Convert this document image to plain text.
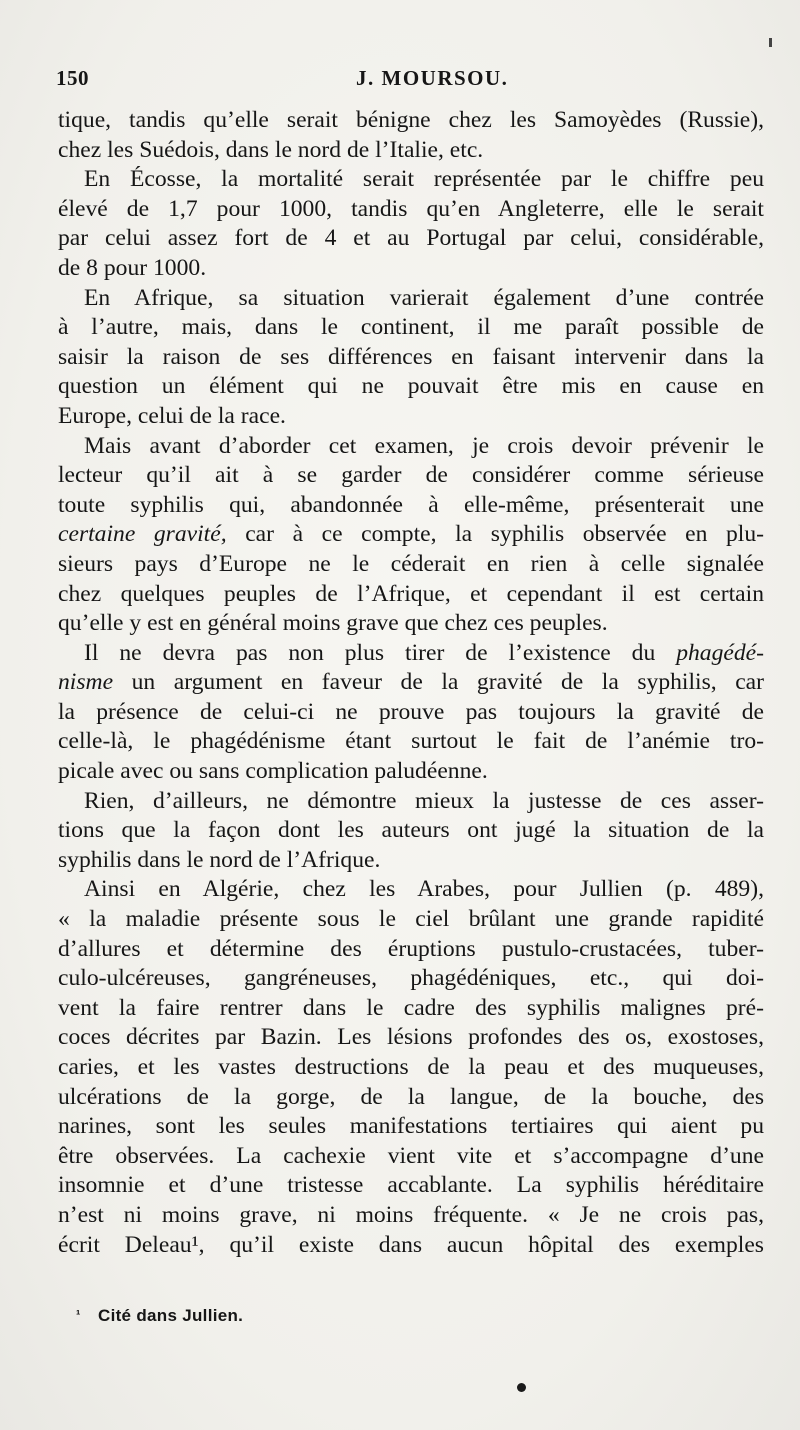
150	J. MOURSOU.
tique, tandis qu’elle serait bénigne chez les Samoyèdes (Russie),
chez les Suédois, dans le nord de l’Italie, etc.
En Écosse, la mortalité serait représentée par le chiffre peu
élevé de 1,7 pour 1000, tandis qu’en Angleterre, elle le serait
par celui assez fort de 4 et au Portugal par celui, considérable,
de 8 pour 1000.
En Afrique, sa situation varierait également d’une contrée
à l’autre, mais, dans le continent, il me paraît possible de
saisir la raison de ses différences en faisant intervenir dans la
question un élément qui ne pouvait être mis en cause en
Europe, celui de la race.
Mais avant d’aborder cet examen, je crois devoir prévenir le
lecteur qu’il ait à se garder de considérer comme sérieuse
toute syphilis qui, abandonnée à elle-même, présenterait une
certaine gravité, car à ce compte, la syphilis observée en plu-
sieurs pays d’Europe ne le céderait en rien à celle signalée
chez quelques peuples de l’Afrique, et cependant il est certain
qu’elle y est en général moins grave que chez ces peuples.
Il ne devra pas non plus tirer de l’existence du phagédé-
nisme un argument en faveur de la gravité de la syphilis, car
la présence de celui-ci ne prouve pas toujours la gravité de
celle-là, le phagédénisme étant surtout le fait de l’anémie tro-
picale avec ou sans complication paludéenne.
Rien, d’ailleurs, ne démontre mieux la justesse de ces asser-
tions que la façon dont les auteurs ont jugé la situation de la
syphilis dans le nord de l’Afrique.
Ainsi en Algérie, chez les Arabes, pour Jullien (p. 489),
« la maladie présente sous le ciel brûlant une grande rapidité
d’allures et détermine des éruptions pustulo-crustacées, tuber-
culo-ulcéreuses, gangréneuses, phagédéniques, etc., qui doi-
vent la faire rentrer dans le cadre des syphilis malignes pré-
coces décrites par Bazin. Les lésions profondes des os, exostoses,
caries, et les vastes destructions de la peau et des muqueuses,
ulcérations de la gorge, de la langue, de la bouche, des
narines, sont les seules manifestations tertiaires qui aient pu
être observées. La cachexie vient vite et s’accompagne d’une
insomnie et d’une tristesse accablante. La syphilis héréditaire
n’est ni moins grave, ni moins fréquente. « Je ne crois pas,
écrit Deleau¹, qu’il existe dans aucun hôpital des exemples
¹ Cité dans Jullien.
